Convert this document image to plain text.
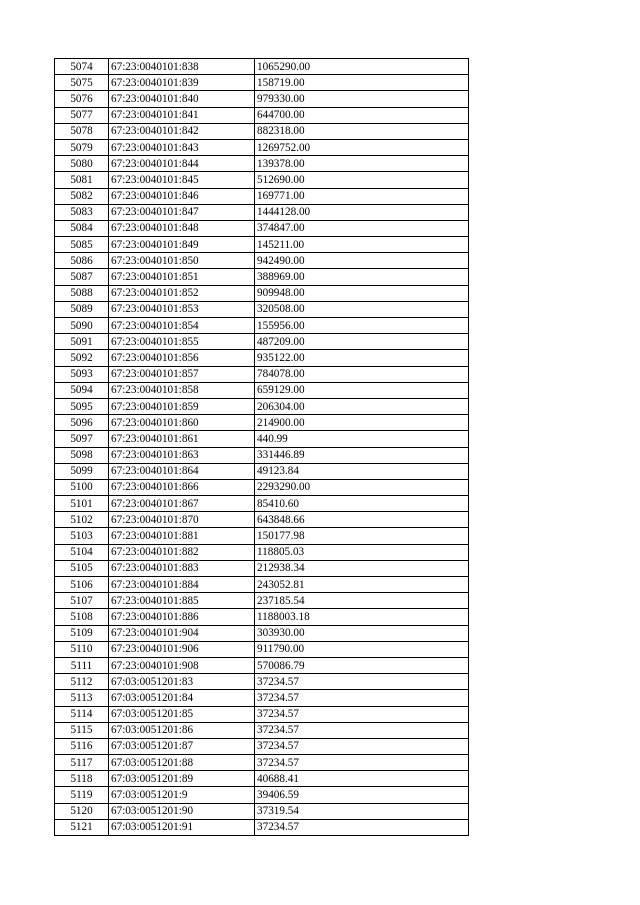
5074	67:23:0040101:838	1065290.00
5075	67:23:0040101:839	158719.00
5076	67:23:0040101:840	979330.00
5077	67:23:0040101:841	644700.00
5078	67:23:0040101:842	882318.00
5079	67:23:0040101:843	1269752.00
5080	67:23:0040101:844	139378.00
5081	67:23:0040101:845	512690.00
5082	67:23:0040101:846	169771.00
5083	67:23:0040101:847	1444128.00
5084	67:23:0040101:848	374847.00
5085	67:23:0040101:849	145211.00
5086	67:23:0040101:850	942490.00
5087	67:23:0040101:851	388969.00
5088	67:23:0040101:852	909948.00
5089	67:23:0040101:853	320508.00
5090	67:23:0040101:854	155956.00
5091	67:23:0040101:855	487209.00
5092	67:23:0040101:856	935122.00
5093	67:23:0040101:857	784078.00
5094	67:23:0040101:858	659129.00
5095	67:23:0040101:859	206304.00
5096	67:23:0040101:860	214900.00
5097	67:23:0040101:861	440.99
5098	67:23:0040101:863	331446.89
5099	67:23:0040101:864	49123.84
5100	67:23:0040101:866	2293290.00
5101	67:23:0040101:867	85410.60
5102	67:23:0040101:870	643848.66
5103	67:23:0040101:881	150177.98
5104	67:23:0040101:882	118805.03
5105	67:23:0040101:883	212938.34
5106	67:23:0040101:884	243052.81
5107	67:23:0040101:885	237185.54
5108	67:23:0040101:886	1188003.18
5109	67:23:0040101:904	303930.00
5110	67:23:0040101:906	911790.00
5111	67:23:0040101:908	570086.79
5112	67:03:0051201:83	37234.57
5113	67:03:0051201:84	37234.57
5114	67:03:0051201:85	37234.57
5115	67:03:0051201:86	37234.57
5116	67:03:0051201:87	37234.57
5117	67:03:0051201:88	37234.57
5118	67:03:0051201:89	40688.41
5119	67:03:0051201:9	39406.59
5120	67:03:0051201:90	37319.54
5121	67:03:0051201:91	37234.57
